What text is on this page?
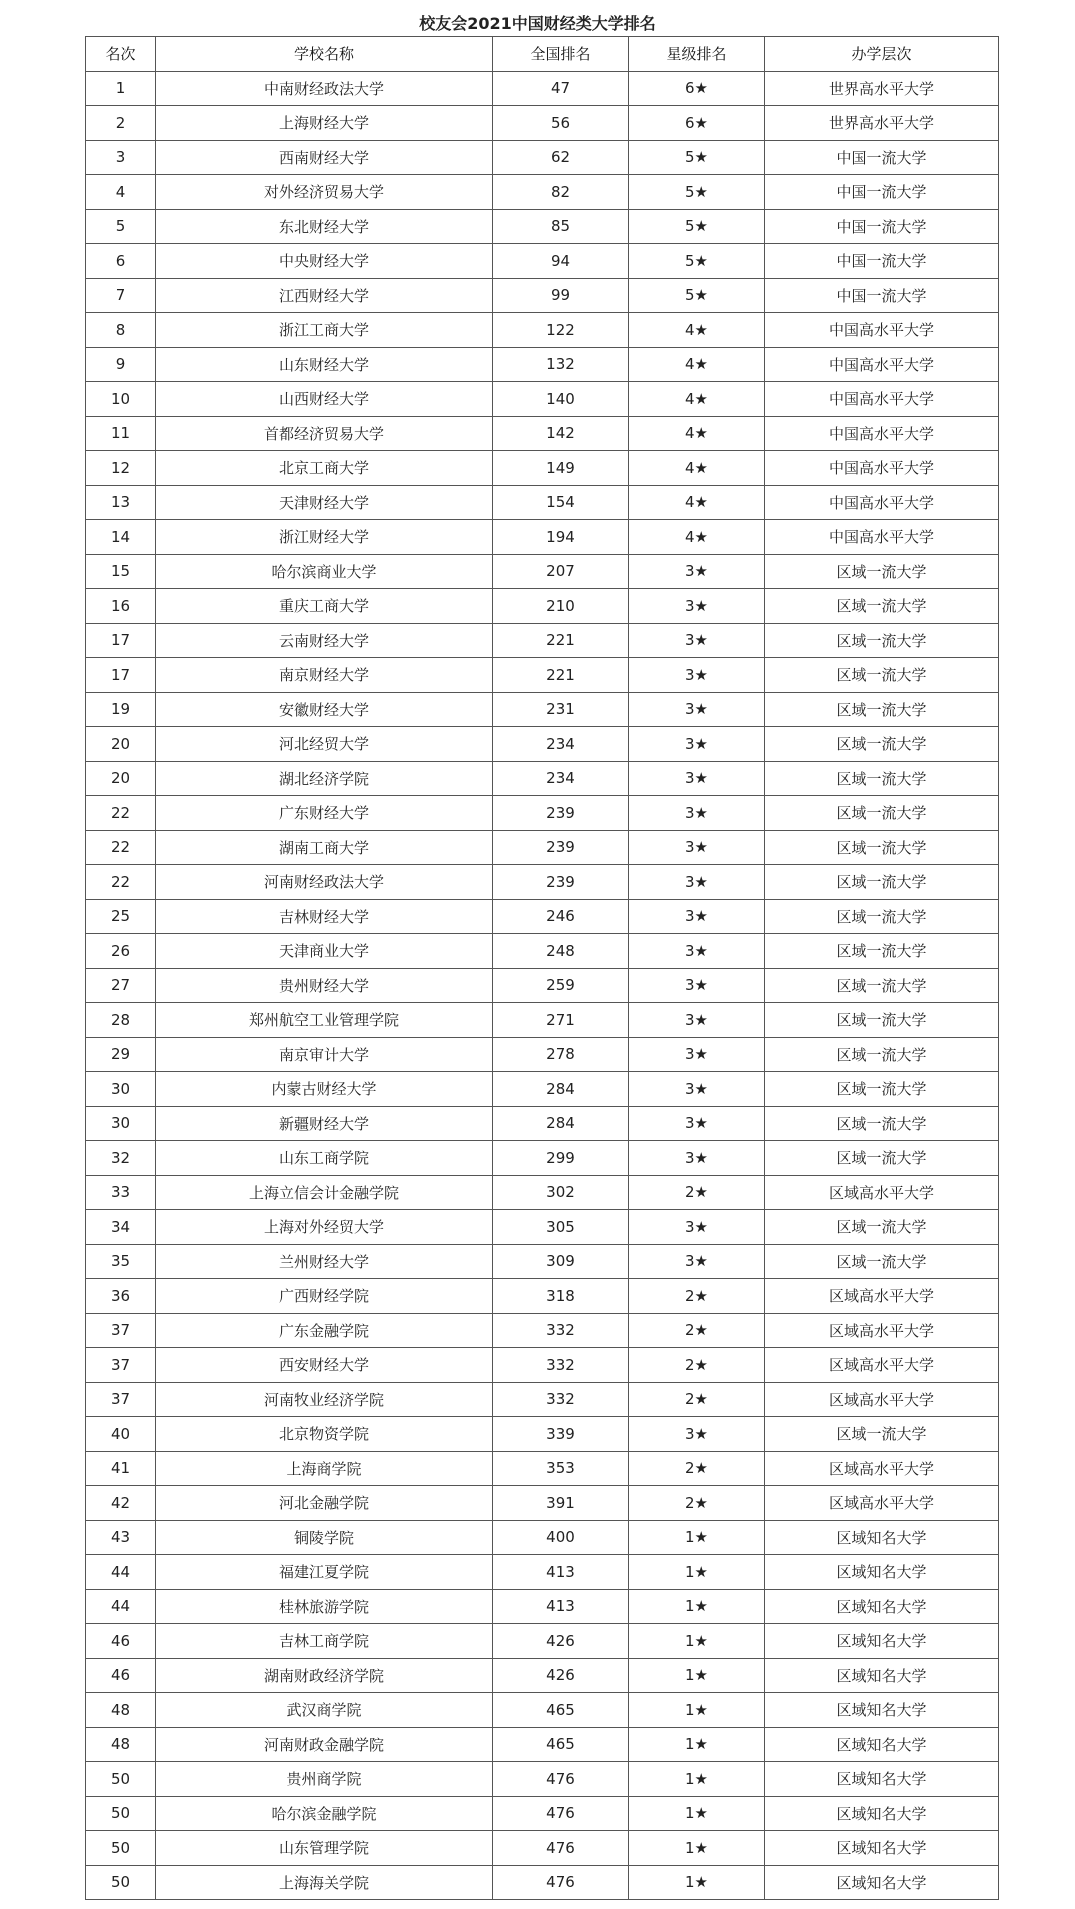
校友会2021中国财经类大学排名
名次	学校名称	全国排名	星级排名	办学层次
1	中南财经政法大学	47	6★	世界高水平大学
2	上海财经大学	56	6★	世界高水平大学
3	西南财经大学	62	5★	中国一流大学
4	对外经济贸易大学	82	5★	中国一流大学
5	东北财经大学	85	5★	中国一流大学
6	中央财经大学	94	5★	中国一流大学
7	江西财经大学	99	5★	中国一流大学
8	浙江工商大学	122	4★	中国高水平大学
9	山东财经大学	132	4★	中国高水平大学
10	山西财经大学	140	4★	中国高水平大学
11	首都经济贸易大学	142	4★	中国高水平大学
12	北京工商大学	149	4★	中国高水平大学
13	天津财经大学	154	4★	中国高水平大学
14	浙江财经大学	194	4★	中国高水平大学
15	哈尔滨商业大学	207	3★	区域一流大学
16	重庆工商大学	210	3★	区域一流大学
17	云南财经大学	221	3★	区域一流大学
17	南京财经大学	221	3★	区域一流大学
19	安徽财经大学	231	3★	区域一流大学
20	河北经贸大学	234	3★	区域一流大学
20	湖北经济学院	234	3★	区域一流大学
22	广东财经大学	239	3★	区域一流大学
22	湖南工商大学	239	3★	区域一流大学
22	河南财经政法大学	239	3★	区域一流大学
25	吉林财经大学	246	3★	区域一流大学
26	天津商业大学	248	3★	区域一流大学
27	贵州财经大学	259	3★	区域一流大学
28	郑州航空工业管理学院	271	3★	区域一流大学
29	南京审计大学	278	3★	区域一流大学
30	内蒙古财经大学	284	3★	区域一流大学
30	新疆财经大学	284	3★	区域一流大学
32	山东工商学院	299	3★	区域一流大学
33	上海立信会计金融学院	302	2★	区域高水平大学
34	上海对外经贸大学	305	3★	区域一流大学
35	兰州财经大学	309	3★	区域一流大学
36	广西财经学院	318	2★	区域高水平大学
37	广东金融学院	332	2★	区域高水平大学
37	西安财经大学	332	2★	区域高水平大学
37	河南牧业经济学院	332	2★	区域高水平大学
40	北京物资学院	339	3★	区域一流大学
41	上海商学院	353	2★	区域高水平大学
42	河北金融学院	391	2★	区域高水平大学
43	铜陵学院	400	1★	区域知名大学
44	福建江夏学院	413	1★	区域知名大学
44	桂林旅游学院	413	1★	区域知名大学
46	吉林工商学院	426	1★	区域知名大学
46	湖南财政经济学院	426	1★	区域知名大学
48	武汉商学院	465	1★	区域知名大学
48	河南财政金融学院	465	1★	区域知名大学
50	贵州商学院	476	1★	区域知名大学
50	哈尔滨金融学院	476	1★	区域知名大学
50	山东管理学院	476	1★	区域知名大学
50	上海海关学院	476	1★	区域知名大学
